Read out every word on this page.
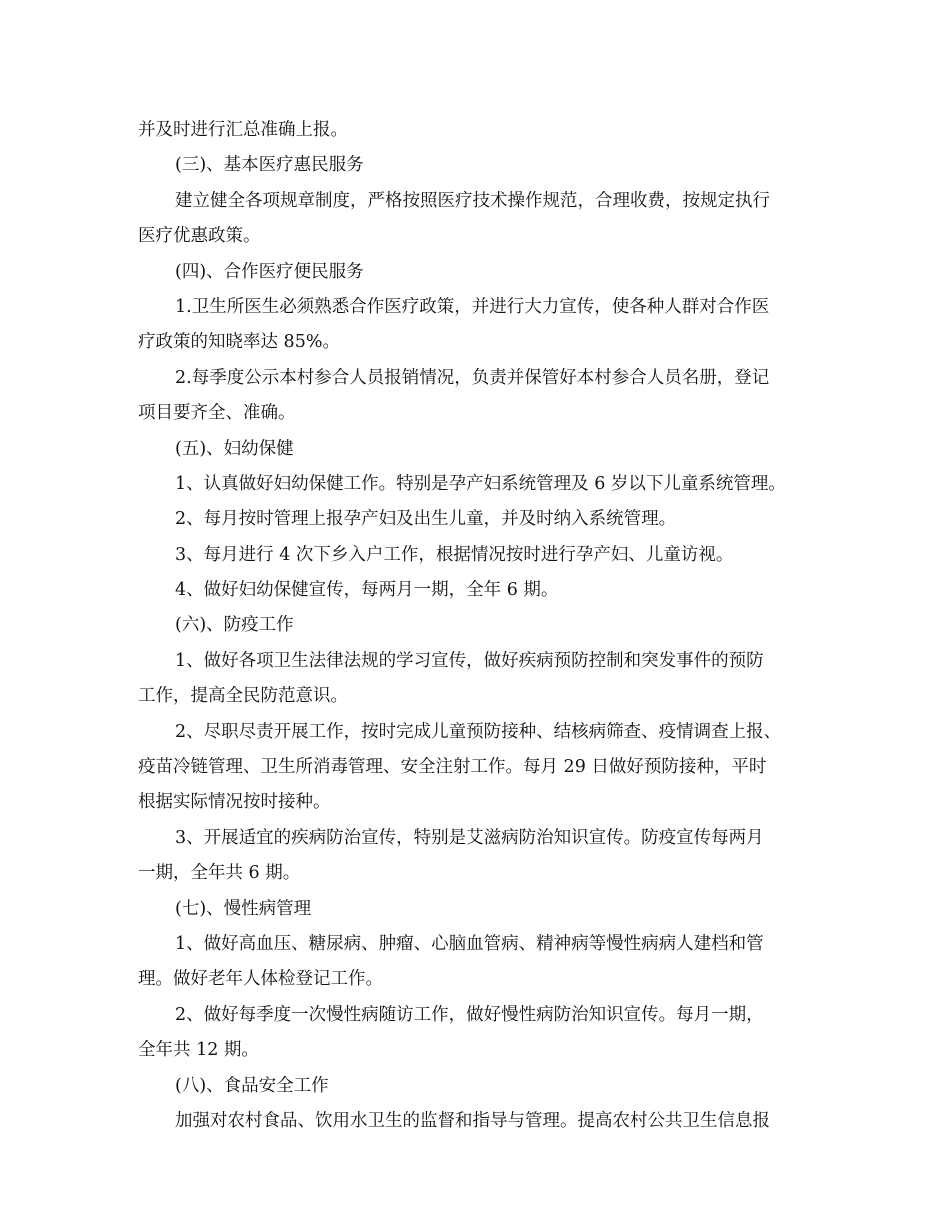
并及时进行汇总准确上报。
(三)、基本医疗惠民服务
建立健全各项规章制度，严格按照医疗技术操作规范，合理收费，按规定执行
医疗优惠政策。
(四)、合作医疗便民服务
1.卫生所医生必须熟悉合作医疗政策，并进行大力宣传，使各种人群对合作医
疗政策的知晓率达 85%。
2.每季度公示本村参合人员报销情况，负责并保管好本村参合人员名册，登记
项目要齐全、准确。
(五)、妇幼保健
1、认真做好妇幼保健工作。特别是孕产妇系统管理及 6 岁以下儿童系统管理。
2、每月按时管理上报孕产妇及出生儿童，并及时纳入系统管理。
3、每月进行 4 次下乡入户工作，根据情况按时进行孕产妇、儿童访视。
4、做好妇幼保健宣传，每两月一期，全年 6 期。
(六)、防疫工作
1、做好各项卫生法律法规的学习宣传，做好疾病预防控制和突发事件的预防
工作，提高全民防范意识。
2、尽职尽责开展工作，按时完成儿童预防接种、结核病筛查、疫情调查上报、
疫苗冷链管理、卫生所消毒管理、安全注射工作。每月 29 日做好预防接种，平时
根据实际情况按时接种。
3、开展适宜的疾病防治宣传，特别是艾滋病防治知识宣传。防疫宣传每两月
一期，全年共 6 期。
(七)、慢性病管理
1、做好高血压、糖尿病、肿瘤、心脑血管病、精神病等慢性病病人建档和管
理。做好老年人体检登记工作。
2、做好每季度一次慢性病随访工作，做好慢性病防治知识宣传。每月一期，
全年共 12 期。
(八)、食品安全工作
加强对农村食品、饮用水卫生的监督和指导与管理。提高农村公共卫生信息报
